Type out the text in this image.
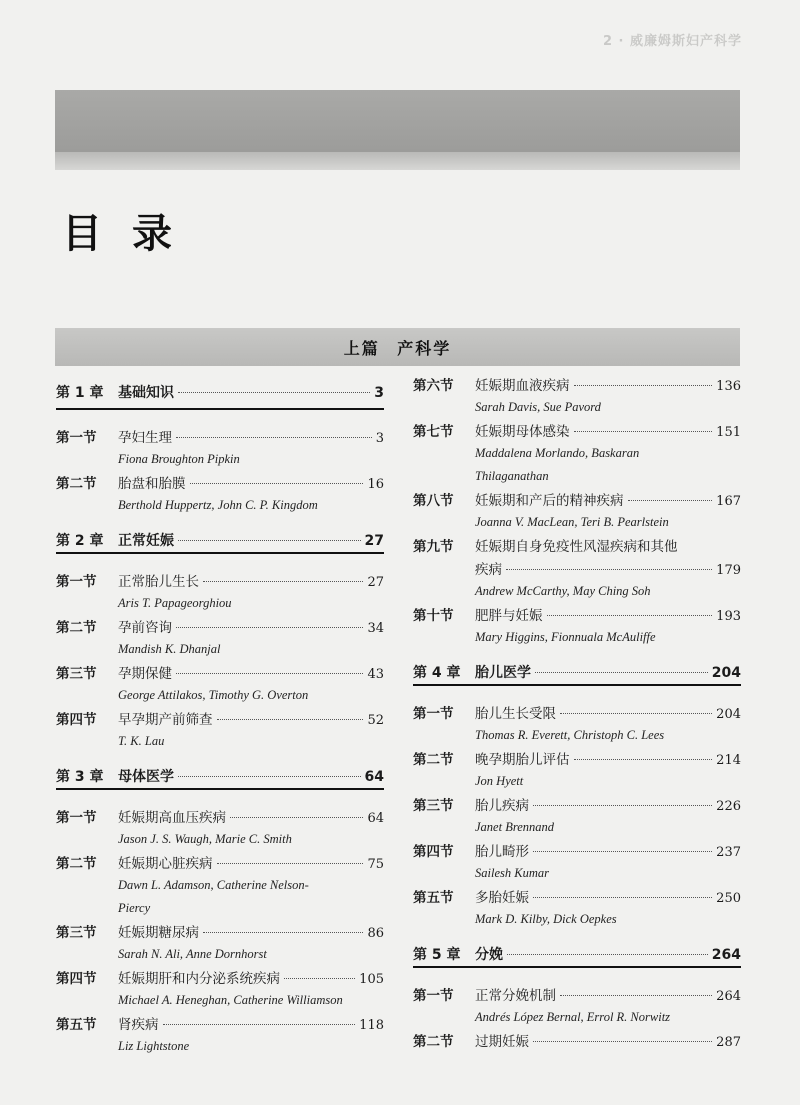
2 · 威廉姆斯妇产科学
目录
上篇 产科学
第 1 章	基础知识	3
第一节	孕妇生理	3
Fiona Broughton Pipkin
第二节	胎盘和胎膜	16
Berthold Huppertz, John C. P. Kingdom
第 2 章	正常妊娠	27
第一节	正常胎儿生长	27
Aris T. Papageorghiou
第二节	孕前咨询	34
Mandish K. Dhanjal
第三节	孕期保健	43
George Attilakos, Timothy G. Overton
第四节	早孕期产前筛查	52
T. K. Lau
第 3 章	母体医学	64
第一节	妊娠期高血压疾病	64
Jason J. S. Waugh, Marie C. Smith
第二节	妊娠期心脏疾病	75
Dawn L. Adamson, Catherine Nelson-
Piercy
第三节	妊娠期糖尿病	86
Sarah N. Ali, Anne Dornhorst
第四节	妊娠期肝和内分泌系统疾病	105
Michael A. Heneghan, Catherine Williamson
第五节	肾疾病	118
Liz Lightstone
第六节	妊娠期血液疾病	136
Sarah Davis, Sue Pavord
第七节	妊娠期母体感染	151
Maddalena Morlando, Baskaran
Thilaganathan
第八节	妊娠期和产后的精神疾病	167
Joanna V. MacLean, Teri B. Pearlstein
第九节	妊娠期自身免疫性风湿疾病和其他
疾病	179
Andrew McCarthy, May Ching Soh
第十节	肥胖与妊娠	193
Mary Higgins, Fionnuala McAuliffe
第 4 章	胎儿医学	204
第一节	胎儿生长受限	204
Thomas R. Everett, Christoph C. Lees
第二节	晚孕期胎儿评估	214
Jon Hyett
第三节	胎儿疾病	226
Janet Brennand
第四节	胎儿畸形	237
Sailesh Kumar
第五节	多胎妊娠	250
Mark D. Kilby, Dick Oepkes
第 5 章	分娩	264
第一节	正常分娩机制	264
Andrés López Bernal, Errol R. Norwitz
第二节	过期妊娠	287
